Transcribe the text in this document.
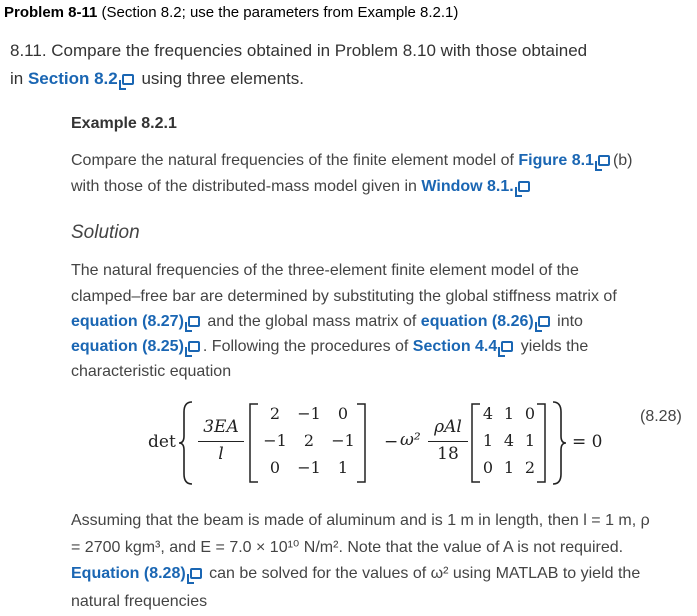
Problem 8-11 (Section 8.2; use the parameters from Example 8.2.1)
8.11. Compare the frequencies obtained in Problem 8.10 with those obtained
in Section 8.2 using three elements.
Example 8.2.1
Compare the natural frequencies of the finite element model of Figure 8.1 (b)
with those of the distributed-mass model given in Window 8.1.
Solution
The natural frequencies of the three-element finite element model of the
clamped–free bar are determined by substituting the global stiffness matrix of
equation (8.27) and the global mass matrix of equation (8.26) into
equation (8.25) . Following the procedures of Section 4.4 yields the
characteristic equation
det
3EA
l
2	−1	0
−1	2	−1
0	−1	1
− ω²
ρAl
18
4 1 0
1 4 1
0 1 2
= 0
(8.28)
Assuming that the beam is made of aluminum and is 1 m in length, then l = 1 m, ρ
= 2700 kgm³, and E = 7.0 × 10¹⁰ N/m². Note that the value of A is not required.
Equation (8.28) can be solved for the values of ω² using MATLAB to yield the
natural frequencies
